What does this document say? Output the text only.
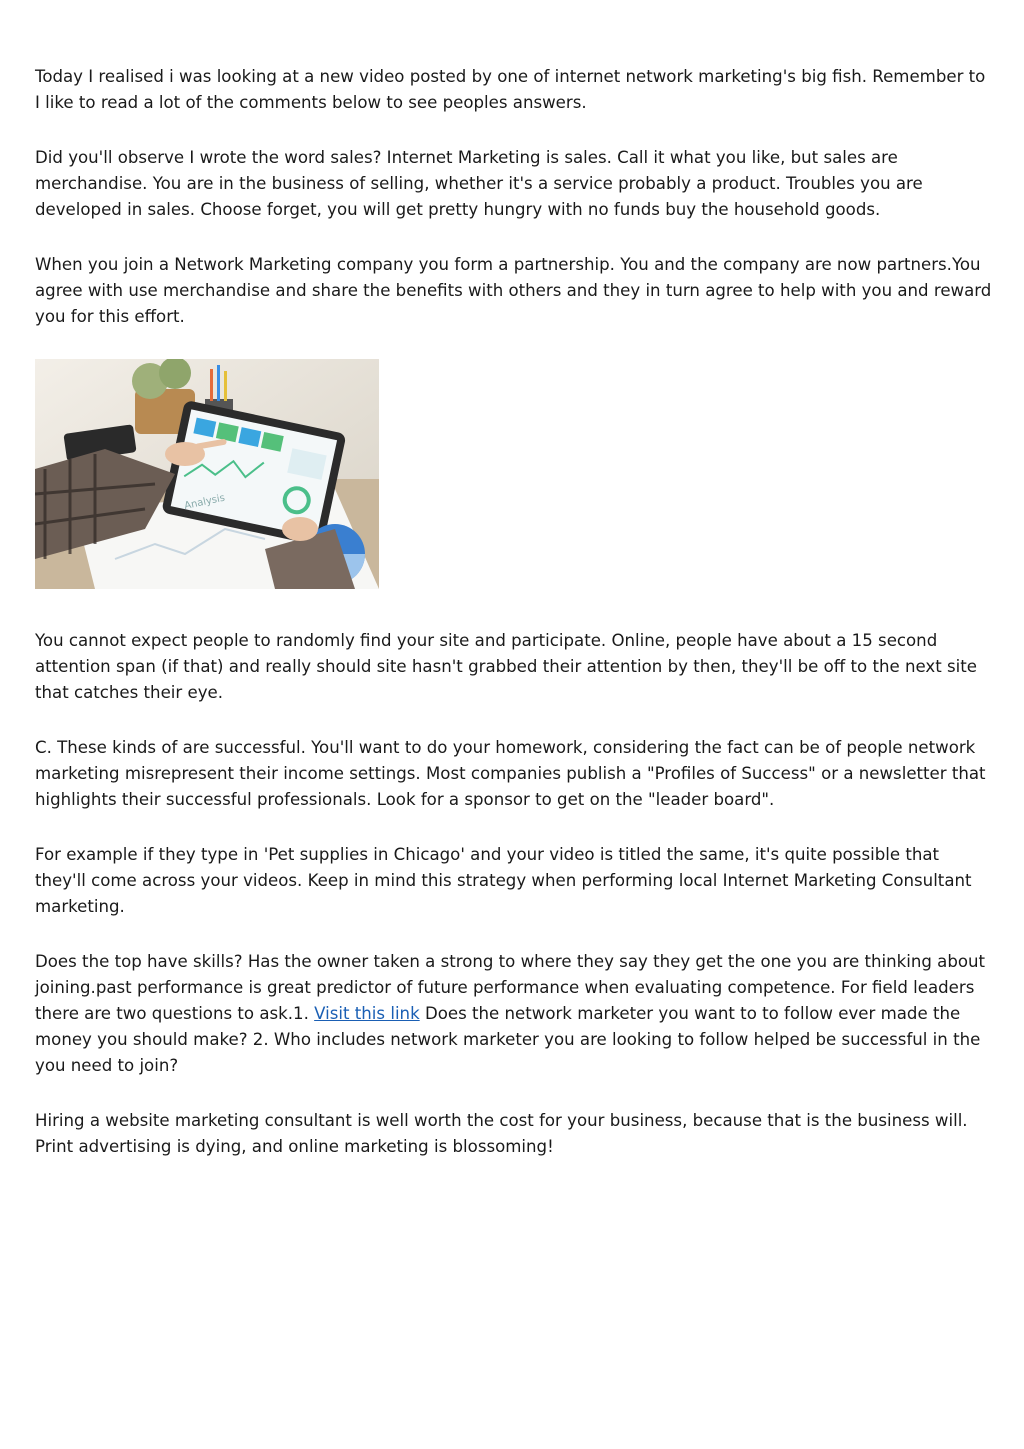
Today I realised i was looking at a new video posted by one of internet network marketing's big fish. Remember to I like to read a lot of the comments below to see peoples answers.

Did you'll observe I wrote the word sales? Internet Marketing is sales. Call it what you like, but sales are merchandise. You are in the business of selling, whether it's a service probably a product. Troubles you are developed in sales. Choose forget, you will get pretty hungry with no funds buy the household goods.

When you join a Network Marketing company you form a partnership. You and the company are now partners.You agree with use merchandise and share the benefits with others and they in turn agree to help with you and reward you for this effort.

Analysis

You cannot expect people to randomly find your site and participate. Online, people have about a 15 second attention span (if that) and really should site hasn't grabbed their attention by then, they'll be off to the next site that catches their eye.

C. These kinds of are successful. You'll want to do your homework, considering the fact can be of people network marketing misrepresent their income settings. Most companies publish a "Profiles of Success" or a newsletter that highlights their successful professionals. Look for a sponsor to get on the "leader board".

For example if they type in 'Pet supplies in Chicago' and your video is titled the same, it's quite possible that they'll come across your videos. Keep in mind this strategy when performing local Internet Marketing Consultant marketing.

Does the top have skills? Has the owner taken a strong to where they say they get the one you are thinking about joining.past performance is great predictor of future performance when evaluating competence. For field leaders there are two questions to ask.1. Visit this link Does the network marketer you want to to follow ever made the money you should make? 2. Who includes network marketer you are looking to follow helped be successful in the you need to join?

Hiring a website marketing consultant is well worth the cost for your business, because that is the business will. Print advertising is dying, and online marketing is blossoming!
